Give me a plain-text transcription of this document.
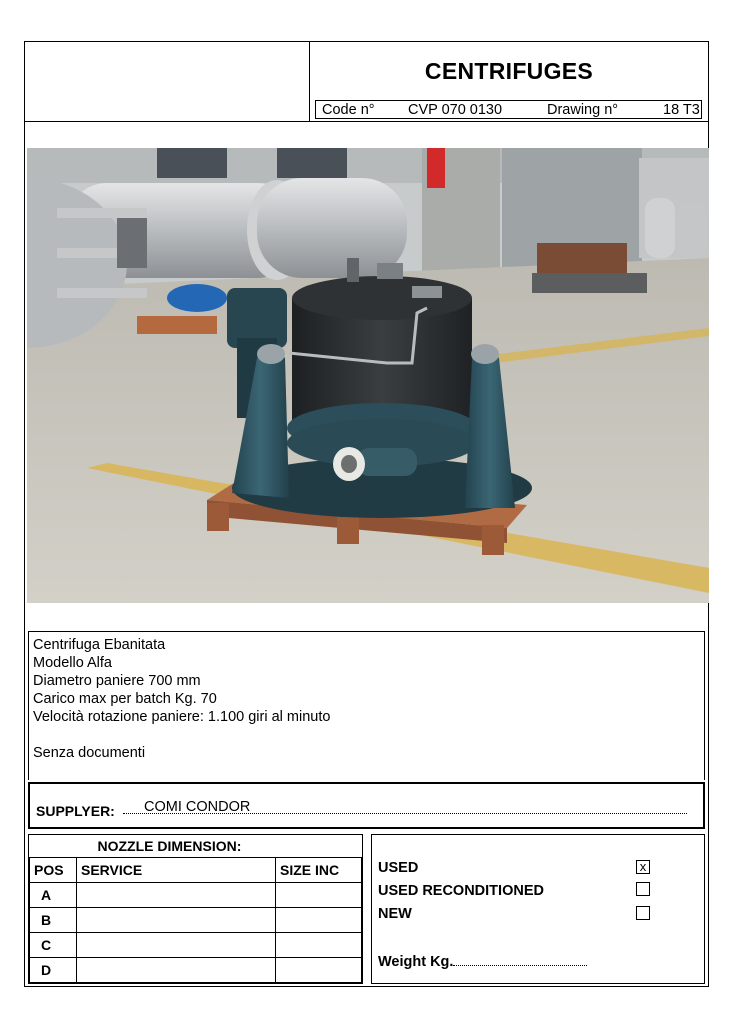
CENTRIFUGES
Code n° CVP 070 0130	Drawing n°	18 T3
Centrifuga Ebanitata
Modello Alfa
Diametro paniere 700 mm
Carico max per batch Kg. 70
Velocità rotazione paniere: 1.100 giri al minuto
Senza documenti
SUPPLYER: COMI CONDOR
NOZZLE DIMENSION:		
POS	SERVICE	SIZE INC
A		
B		
C		
D		
USED	x
USED RECONDITIONED
NEW
Weight Kg.
